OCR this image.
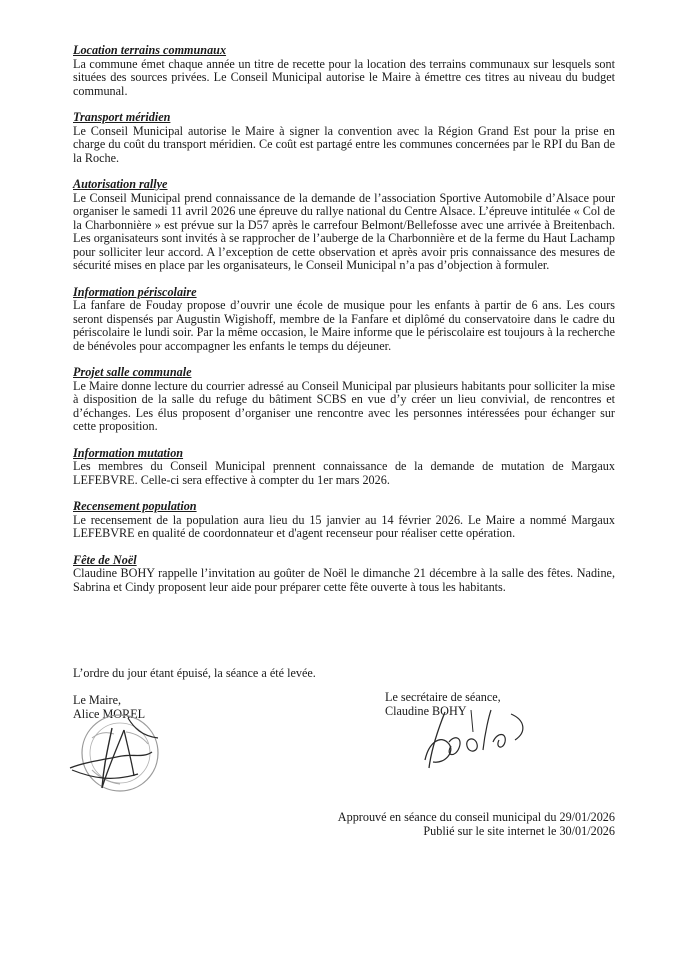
Location terrains communaux
La commune émet chaque année un titre de recette pour la location des terrains communaux sur lesquels sont situées des sources privées. Le Conseil Municipal autorise le Maire à émettre ces titres au niveau du budget communal.
Transport méridien
Le Conseil Municipal autorise le Maire à signer la convention avec la Région Grand Est pour la prise en charge du coût du transport méridien. Ce coût est partagé entre les communes concernées par le RPI du Ban de la Roche.
Autorisation rallye
Le Conseil Municipal prend connaissance de la demande de l’association Sportive Automobile d’Alsace pour organiser le samedi 11 avril 2026 une épreuve du rallye national du Centre Alsace. L’épreuve intitulée « Col de la Charbonnière » est prévue sur la D57 après le carrefour Belmont/Bellefosse avec une arrivée à Breitenbach. Les organisateurs sont invités à se rapprocher de l’auberge de la Charbonnière et de la ferme du Haut Lachamp pour solliciter leur accord. A l’exception de cette observation et après avoir pris connaissance des mesures de sécurité mises en place par les organisateurs, le Conseil Municipal n’a pas d’objection à formuler.
Information périscolaire
La fanfare de Fouday propose d’ouvrir une école de musique pour les enfants à partir de 6 ans. Les cours seront dispensés par Augustin Wigishoff, membre de la Fanfare et diplômé du conservatoire dans le cadre du périscolaire le lundi soir. Par la même occasion, le Maire informe que le périscolaire est toujours à la recherche de bénévoles pour accompagner les enfants le temps du déjeuner.
Projet salle communale
Le Maire donne lecture du courrier adressé au Conseil Municipal par plusieurs habitants pour solliciter la mise à disposition de la salle du refuge du bâtiment SCBS en vue d’y créer un lieu convivial, de rencontres et d’échanges. Les élus proposent d’organiser une rencontre avec les personnes intéressées pour échanger sur cette proposition.
Information mutation
Les membres du Conseil Municipal prennent connaissance de la demande de mutation de Margaux LEFEBVRE. Celle-ci sera effective à compter du 1er mars 2026.
Recensement population
Le recensement de la population aura lieu du 15 janvier au 14 février 2026. Le Maire a nommé Margaux LEFEBVRE en qualité de coordonnateur et d'agent recenseur pour réaliser cette opération.
Fête de Noël
Claudine BOHY rappelle l’invitation au goûter de Noël le dimanche 21 décembre à la salle des fêtes. Nadine, Sabrina et Cindy proposent leur aide pour préparer cette fête ouverte à tous les habitants.
L’ordre du jour étant épuisé, la séance a été levée.
Le Maire,
Alice MOREL
Le secrétaire de séance,
Claudine BOHY
Approuvé en séance du conseil municipal du 29/01/2026
Publié sur le site internet le 30/01/2026
